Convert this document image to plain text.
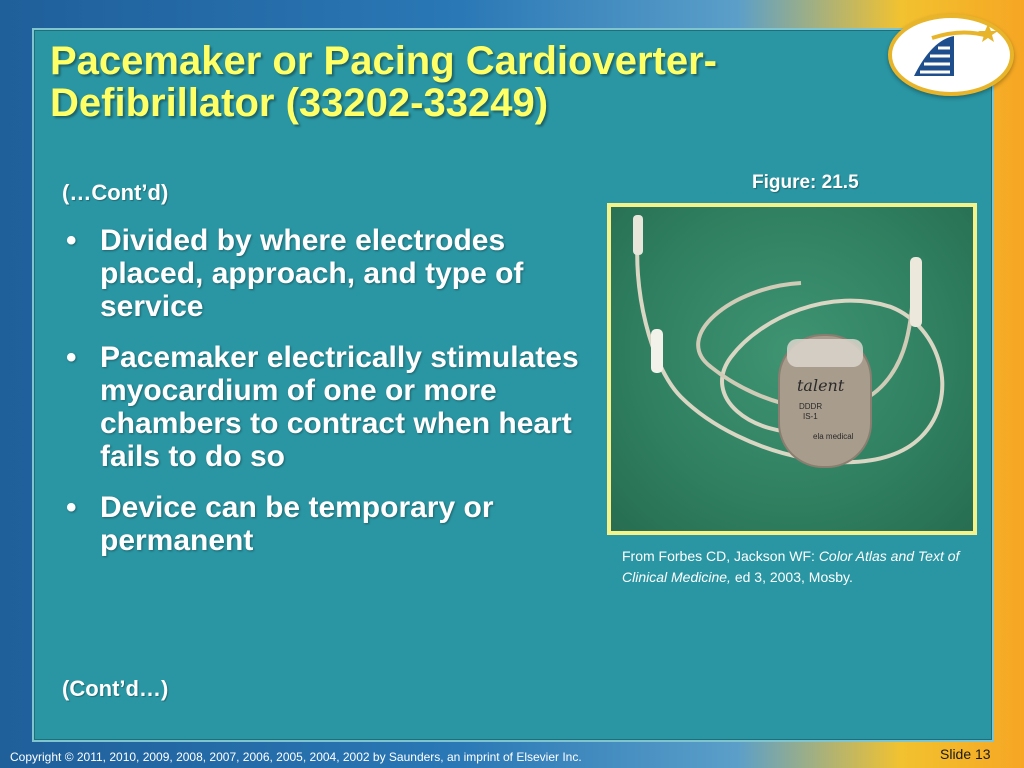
Pacemaker or Pacing Cardioverter-
Defibrillator (33202-33249)
(…Cont’d)
• Divided by where electrodes placed, approach, and type of service
• Pacemaker electrically stimulates myocardium of one or more chambers to contract when heart fails to do so
• Device can be temporary or permanent
Figure: 21.5
talent
DDDR
IS-1
ela medical
From Forbes CD, Jackson WF: Color Atlas and Text of Clinical Medicine, ed 3, 2003, Mosby.
(Cont’d…)
Copyright © 2011, 2010, 2009, 2008, 2007, 2006, 2005, 2004, 2002 by Saunders, an imprint of Elsevier Inc.	Slide 13
